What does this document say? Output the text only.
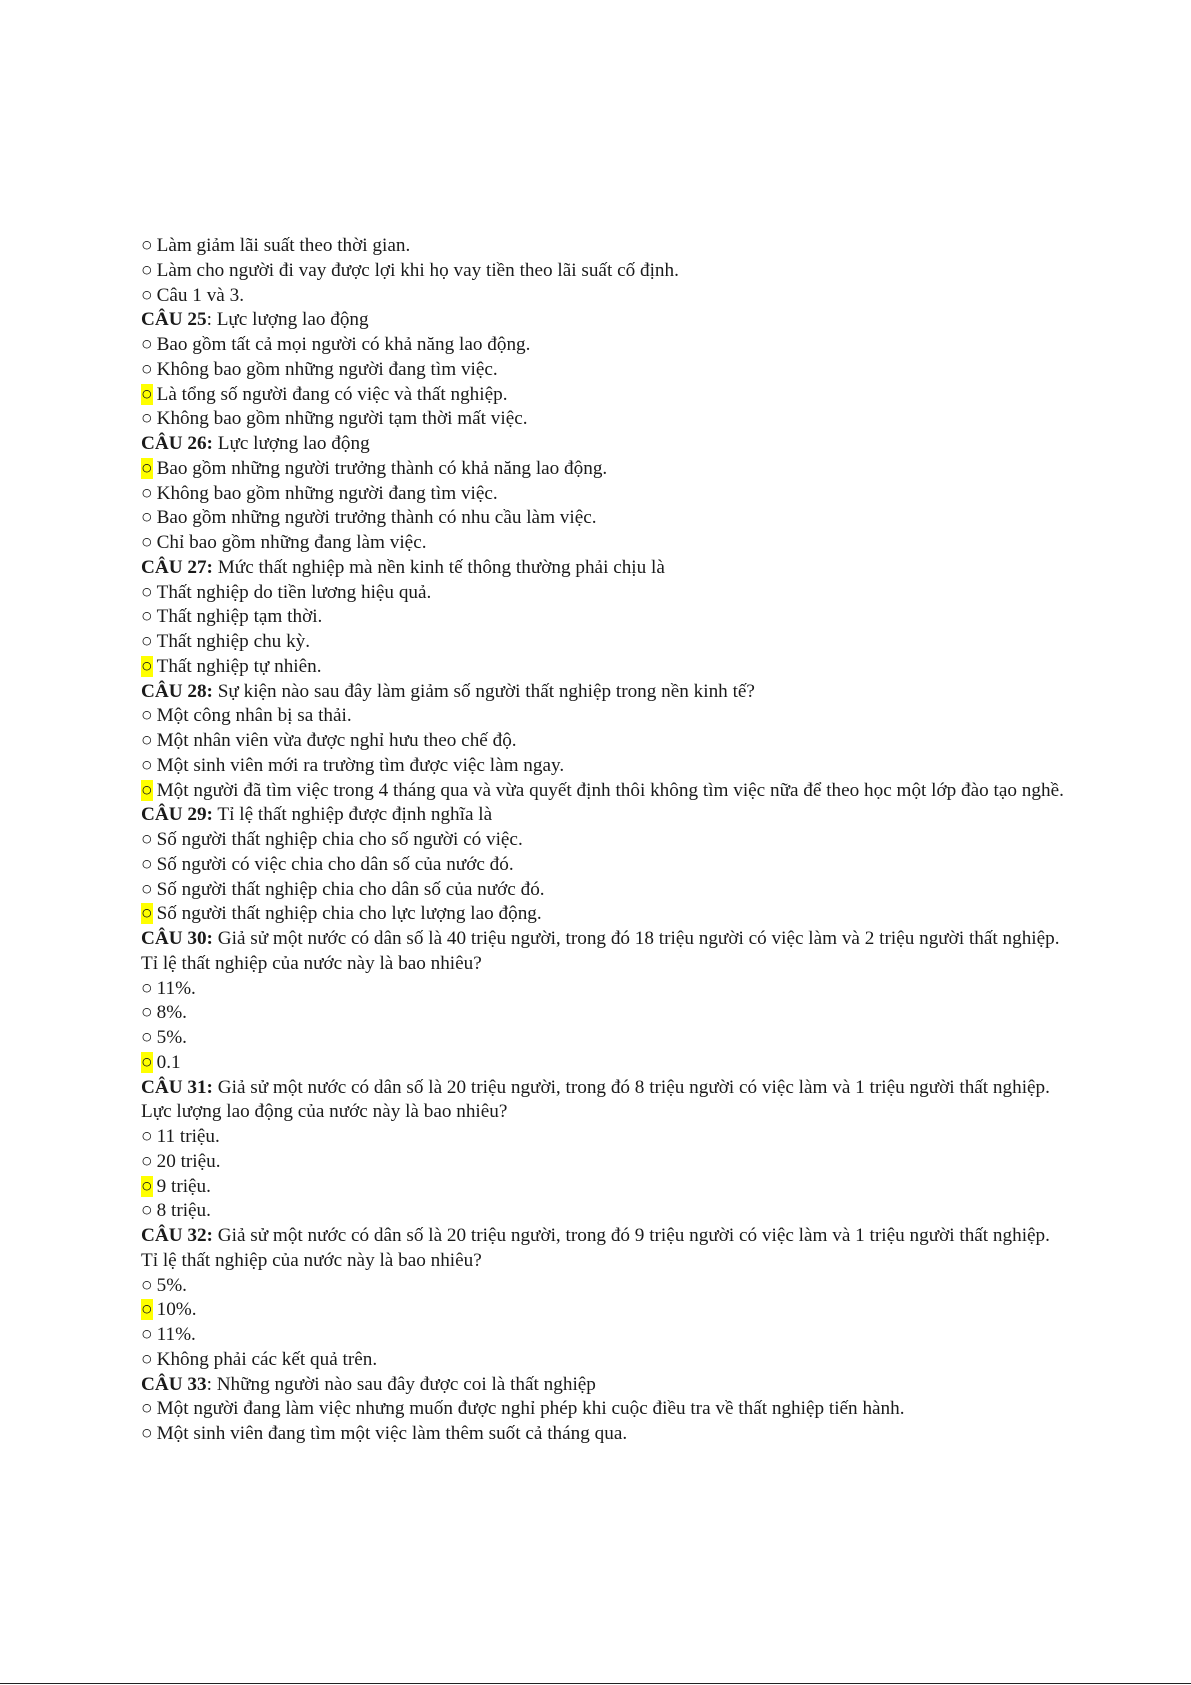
○ Làm giảm lãi suất theo thời gian.
○ Làm cho người đi vay được lợi khi họ vay tiền theo lãi suất cố định.
○ Câu 1 và 3.
CÂU 25: Lực lượng lao động
○ Bao gồm tất cả mọi người có khả năng lao động.
○ Không bao gồm những người đang tìm việc.
○ Là tổng số người đang có việc và thất nghiệp.
○ Không bao gồm những người tạm thời mất việc.
CÂU 26: Lực lượng lao động
○ Bao gồm những người trưởng thành có khả năng lao động.
○ Không bao gồm những người đang tìm việc.
○ Bao gồm những người trưởng thành có nhu cầu làm việc.
○ Chỉ bao gồm những đang làm việc.
CÂU 27: Mức thất nghiệp mà nền kinh tế thông thường phải chịu là
○ Thất nghiệp do tiền lương hiệu quả.
○ Thất nghiệp tạm thời.
○ Thất nghiệp chu kỳ.
○ Thất nghiệp tự nhiên.
CÂU 28: Sự kiện nào sau đây làm giảm số người thất nghiệp trong nền kinh tế?
○ Một công nhân bị sa thải.
○ Một nhân viên vừa được nghỉ hưu theo chế độ.
○ Một sinh viên mới ra trường tìm được việc làm ngay.
○ Một người đã tìm việc trong 4 tháng qua và vừa quyết định thôi không tìm việc nữa để theo học một lớp đào tạo nghề.
CÂU 29: Tỉ lệ thất nghiệp được định nghĩa là
○ Số người thất nghiệp chia cho số người có việc.
○ Số người có việc chia cho dân số của nước đó.
○ Số người thất nghiệp chia cho dân số của nước đó.
○ Số người thất nghiệp chia cho lực lượng lao động.
CÂU 30: Giả sử một nước có dân số là 40 triệu người, trong đó 18 triệu người có việc làm và 2 triệu người thất nghiệp. Tỉ lệ thất nghiệp của nước này là bao nhiêu?
○ 11%.
○ 8%.
○ 5%.
○ 0.1
CÂU 31: Giả sử một nước có dân số là 20 triệu người, trong đó 8 triệu người có việc làm và 1 triệu người thất nghiệp. Lực lượng lao động của nước này là bao nhiêu?
○ 11 triệu.
○ 20 triệu.
○ 9 triệu.
○ 8 triệu.
CÂU 32: Giả sử một nước có dân số là 20 triệu người, trong đó 9 triệu người có việc làm và 1 triệu người thất nghiệp. Tỉ lệ thất nghiệp của nước này là bao nhiêu?
○ 5%.
○ 10%.
○ 11%.
○ Không phải các kết quả trên.
CÂU 33: Những người nào sau đây được coi là thất nghiệp
○ Một người đang làm việc nhưng muốn được nghỉ phép khi cuộc điều tra về thất nghiệp tiến hành.
○ Một sinh viên đang tìm một việc làm thêm suốt cả tháng qua.
